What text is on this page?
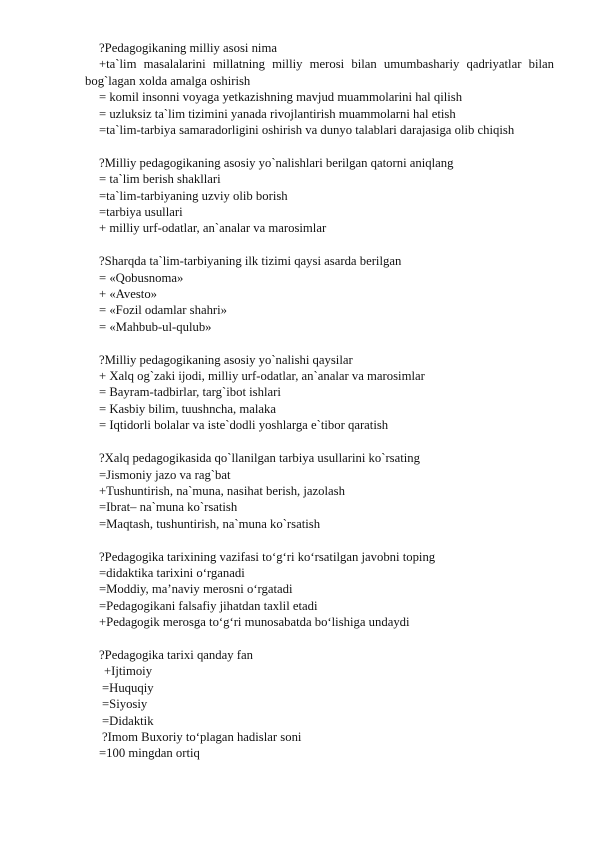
?Pedagogikaning milliy asosi nima

+ta`lim masalalarini millatning milliy merosi bilan umumbashariy qadriyatlar bilan bog`lagan xolda amalga oshirish

= komil insonni voyaga yetkazishning mavjud muammolarini hal qilish

= uzluksiz ta`lim tizimini yanada rivojlantirish muammolarni hal etish

=ta`lim-tarbiya samaradorligini oshirish va dunyo talablari darajasiga olib chiqish

?Milliy pedagogikaning asosiy yo`nalishlari berilgan qatorni aniqlang

= ta`lim berish shakllari

=ta`lim-tarbiyaning uzviy olib borish

=tarbiya usullari

+ milliy urf-odatlar, an`analar va marosimlar

?Sharqda ta`lim-tarbiyaning ilk tizimi qaysi asarda berilgan

= «Qobusnoma»

+ «Avesto»

= «Fozil odamlar shahri»

= «Mahbub-ul-qulub»

?Milliy pedagogikaning asosiy yo`nalishi qaysilar

+ Xalq og`zaki ijodi, milliy urf-odatlar, an`analar va marosimlar

= Bayram-tadbirlar, targ`ibot ishlari

= Kasbiy bilim, tuushncha, malaka

= Iqtidorli bolalar va iste`dodli yoshlarga e`tibor qaratish

?Xalq pedagogikasida qo`llanilgan tarbiya usullarini ko`rsating

=Jismoniy jazo va rag`bat

+Tushuntirish, na`muna, nasihat berish, jazolash

=Ibrat– na`muna ko`rsatish

=Maqtash, tushuntirish, na`muna ko`rsatish

?Pedagogika tarixining vazifasi to‘g‘ri ko‘rsatilgan javobni toping

=didaktika tarixini o‘rganadi

=Moddiy, ma’naviy merosni o‘rgatadi

=Pedagogikani falsafiy jihatdan taxlil etadi

+Pedagogik merosga to‘g‘ri munosabatda bo‘lishiga undaydi

?Pedagogika tarixi qanday fan

+Ijtimoiy

=Huquqiy

=Siyosiy

=Didaktik

?Imom Buxoriy to‘plagan hadislar soni

=100 mingdan ortiq
